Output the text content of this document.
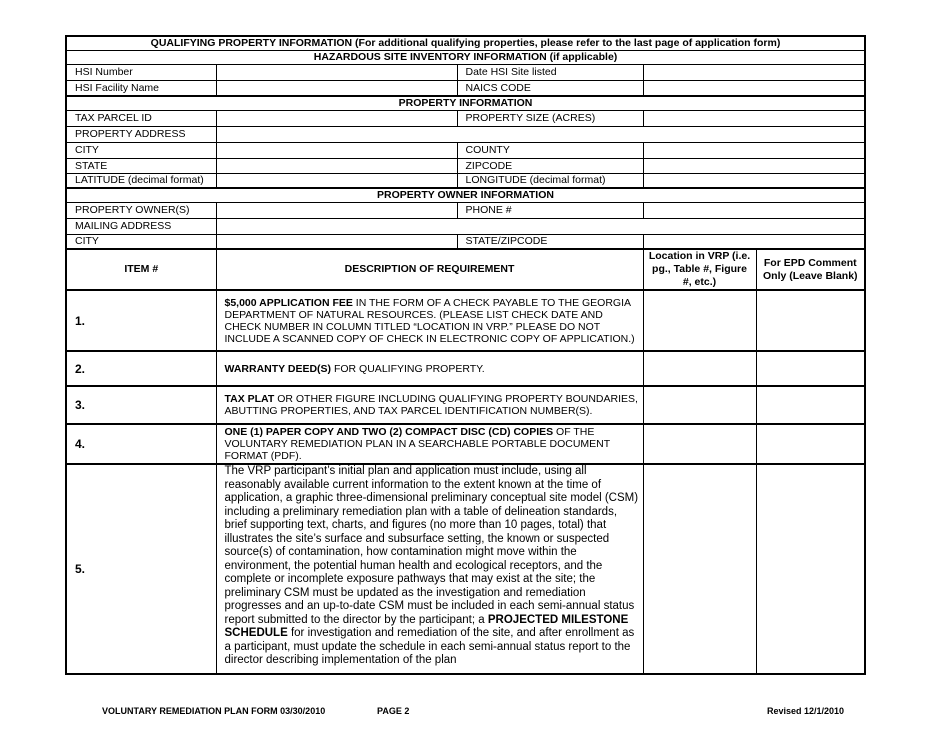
QUALIFYING PROPERTY INFORMATION (For additional qualifying properties, please refer to the last page of application form)				
HAZARDOUS SITE INVENTORY INFORMATION (if applicable)				
HSI Number		Date HSI Site listed		
HSI Facility Name		NAICS CODE		
PROPERTY INFORMATION				
TAX PARCEL ID		PROPERTY SIZE (ACRES)		
PROPERTY ADDRESS				
CITY		COUNTY		
STATE		ZIPCODE		
LATITUDE (decimal format)		LONGITUDE (decimal format)		
PROPERTY OWNER INFORMATION				
PROPERTY OWNER(S)		PHONE #		
MAILING ADDRESS				
CITY		STATE/ZIPCODE		
ITEM #	DESCRIPTION OF REQUIREMENT		Location in VRP (i.e. pg., Table #, Figure #, etc.)	For EPD Comment Only (Leave Blank)
1.	$5,000 APPLICATION FEE IN THE FORM OF A CHECK PAYABLE TO THE GEORGIA DEPARTMENT OF NATURAL RESOURCES. (PLEASE LIST CHECK DATE AND CHECK NUMBER IN COLUMN TITLED “LOCATION IN VRP.” PLEASE DO NOT INCLUDE A SCANNED COPY OF CHECK IN ELECTRONIC COPY OF APPLICATION.)			
2.	WARRANTY DEED(S) FOR QUALIFYING PROPERTY.			
3.	TAX PLAT OR OTHER FIGURE INCLUDING QUALIFYING PROPERTY BOUNDARIES, ABUTTING PROPERTIES, AND TAX PARCEL IDENTIFICATION NUMBER(S).			
4.	ONE (1) PAPER COPY AND TWO (2) COMPACT DISC (CD) COPIES OF THE VOLUNTARY REMEDIATION PLAN IN A SEARCHABLE PORTABLE DOCUMENT FORMAT (PDF).			
5.	The VRP participant’s initial plan and application must include, using all reasonably available current information to the extent known at the time of application, a graphic three-dimensional preliminary conceptual site model (CSM) including a preliminary remediation plan with a table of delineation standards, brief supporting text, charts, and figures (no more than 10 pages, total) that illustrates the site’s surface and subsurface setting, the known or suspected source(s) of contamination, how contamination might move within the environment, the potential human health and ecological receptors, and the complete or incomplete exposure pathways that may exist at the site; the preliminary CSM must be updated as the investigation and remediation progresses and an up-to-date CSM must be included in each semi-annual status report submitted to the director by the participant; a PROJECTED MILESTONE SCHEDULE for investigation and remediation of the site, and after enrollment as a participant, must update the schedule in each semi-annual status report to the director describing implementation of the plan			
VOLUNTARY REMEDIATION PLAN FORM 03/30/2010	PAGE 2	Revised 12/1/2010
